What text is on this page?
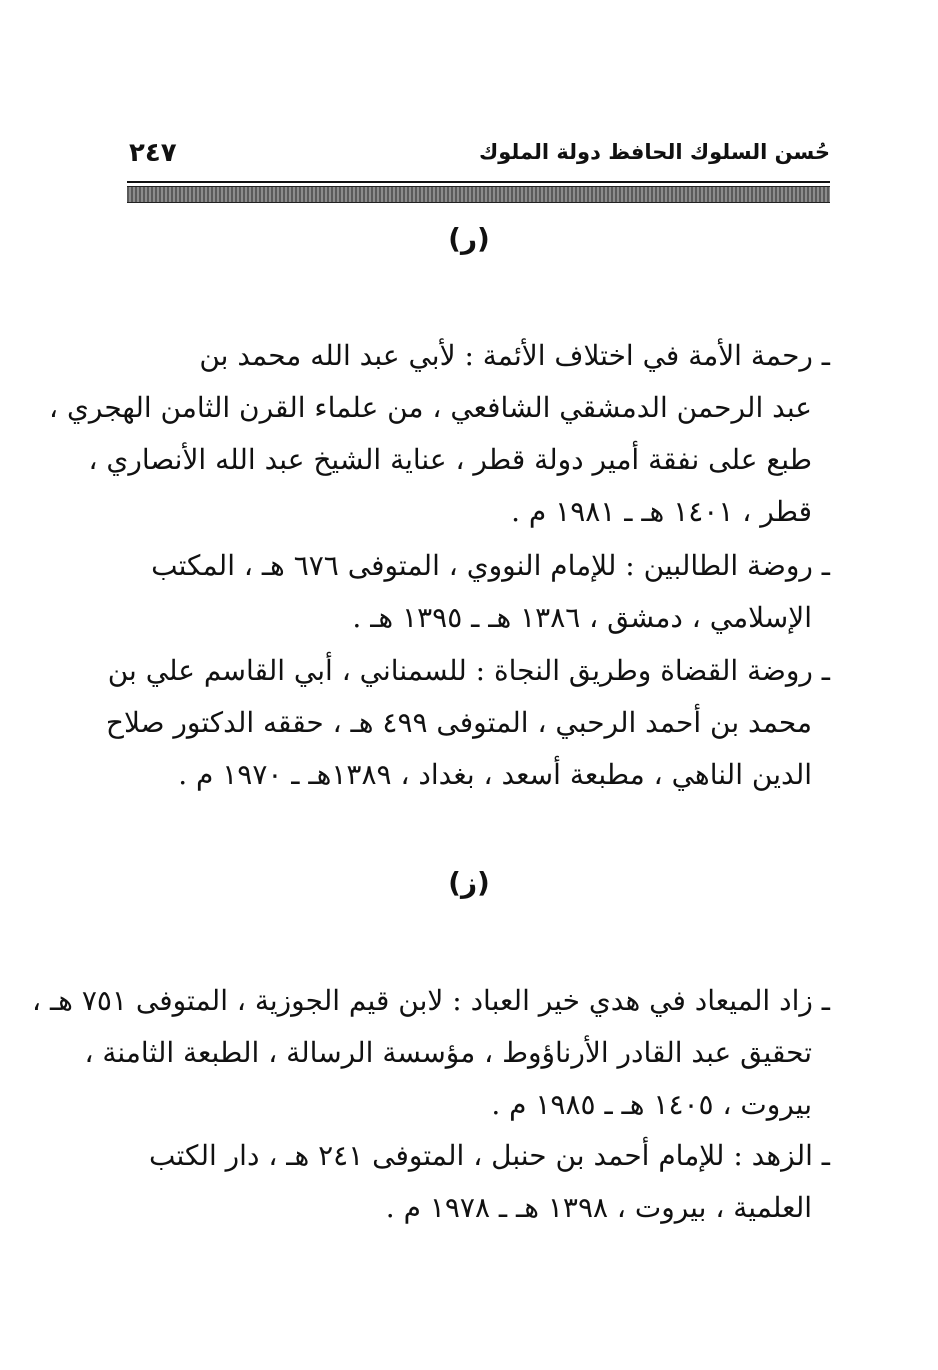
حُسن السلوك الحافظ دولة الملوك
٢٤٧
(ر)
ـ رحمة الأمة في اختلاف الأئمة : لأبي عبد الله محمد بن
عبد الرحمن الدمشقي الشافعي ، من علماء القرن الثامن الهجري ،
طبع على نفقة أمير دولة قطر ، عناية الشيخ عبد الله الأنصاري ،
قطر ، ١٤٠١ هـ ـ ١٩٨١ م .
ـ روضة الطالبين : للإمام النووي ، المتوفى ٦٧٦ هـ ، المكتب
الإسلامي ، دمشق ، ١٣٨٦ هـ ـ ١٣٩٥ هـ .
ـ روضة القضاة وطريق النجاة : للسمناني ، أبي القاسم علي بن
محمد بن أحمد الرحبي ، المتوفى ٤٩٩ هـ ، حققه الدكتور صلاح
الدين الناهي ، مطبعة أسعد ، بغداد ، ١٣٨٩هـ ـ ١٩٧٠ م .
(ز)
ـ زاد الميعاد في هدي خير العباد : لابن قيم الجوزية ، المتوفى ٧٥١ هـ ،
تحقيق عبد القادر الأرناؤوط ، مؤسسة الرسالة ، الطبعة الثامنة ،
بيروت ، ١٤٠٥ هـ ـ ١٩٨٥ م .
ـ الزهد : للإمام أحمد بن حنبل ، المتوفى ٢٤١ هـ ، دار الكتب
العلمية ، بيروت ، ١٣٩٨ هـ ـ ١٩٧٨ م .
